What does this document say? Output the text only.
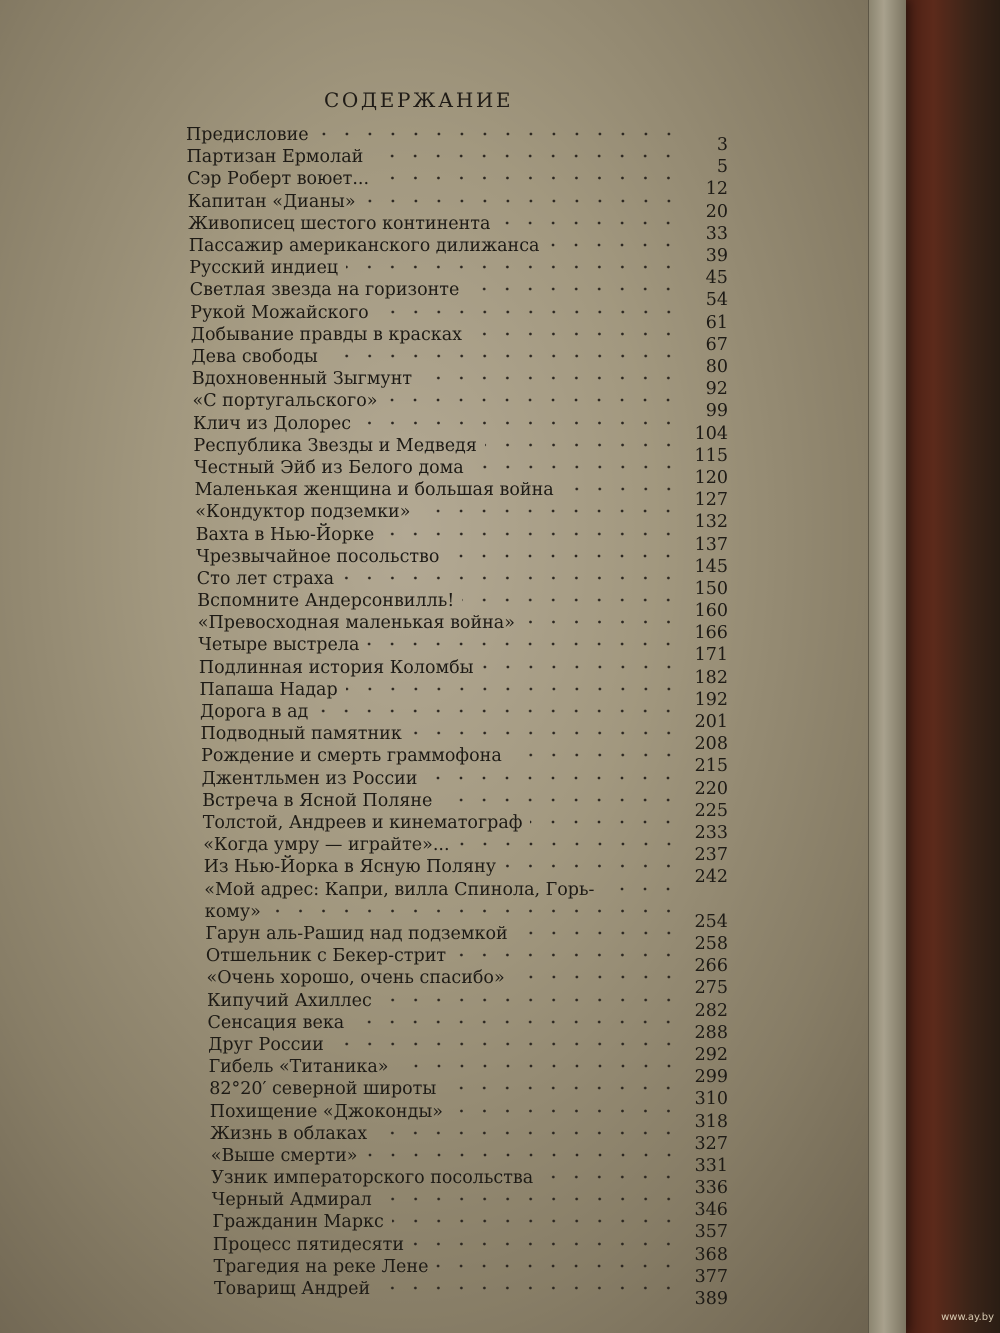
СОДЕРЖАНИЕ
Предисловие	3
Партизан Ермолай	5
Сэр Роберт воюет...	12
Капитан «Дианы»	20
Живописец шестого континента	33
Пассажир американского дилижанса	39
Русский индиец	45
Светлая звезда на горизонте	54
Рукой Можайского	61
Добывание правды в красках	67
Дева свободы	80
Вдохновенный Зыгмунт	92
«С португальского»	99
Клич из Долорес	104
Республика Звезды и Медведя	115
Честный Эйб из Белого дома	120
Маленькая женщина и большая война	127
«Кондуктор подземки»	132
Вахта в Нью-Йорке	137
Чрезвычайное посольство	145
Сто лет страха	150
Вспомните Андерсонвилль!	160
«Превосходная маленькая война»	166
Четыре выстрела	171
Подлинная история Коломбы	182
Папаша Надар	192
Дорога в ад	201
Подводный памятник	208
Рождение и смерть граммофона	215
Джентльмен из России	220
Встреча в Ясной Поляне	225
Толстой, Андреев и кинематограф	233
«Когда умру — играйте»...	237
Из Нью-Йорка в Ясную Поляну	242
«Мой адрес: Капри, вилла Спинола, Горь-
кому»	254
Гарун аль-Рашид над подземкой	258
Отшельник с Бекер-стрит	266
«Очень хорошо, очень спасибо»	275
Кипучий Ахиллес	282
Сенсация века	288
Друг России	292
Гибель «Титаника»	299
82°20′ северной широты	310
Похищение «Джоконды»	318
Жизнь в облаках	327
«Выше смерти»	331
Узник императорского посольства	336
Черный Адмирал	346
Гражданин Маркс	357
Процесс пятидесяти	368
Трагедия на реке Лене	377
Товарищ Андрей	389
www.ay.by
